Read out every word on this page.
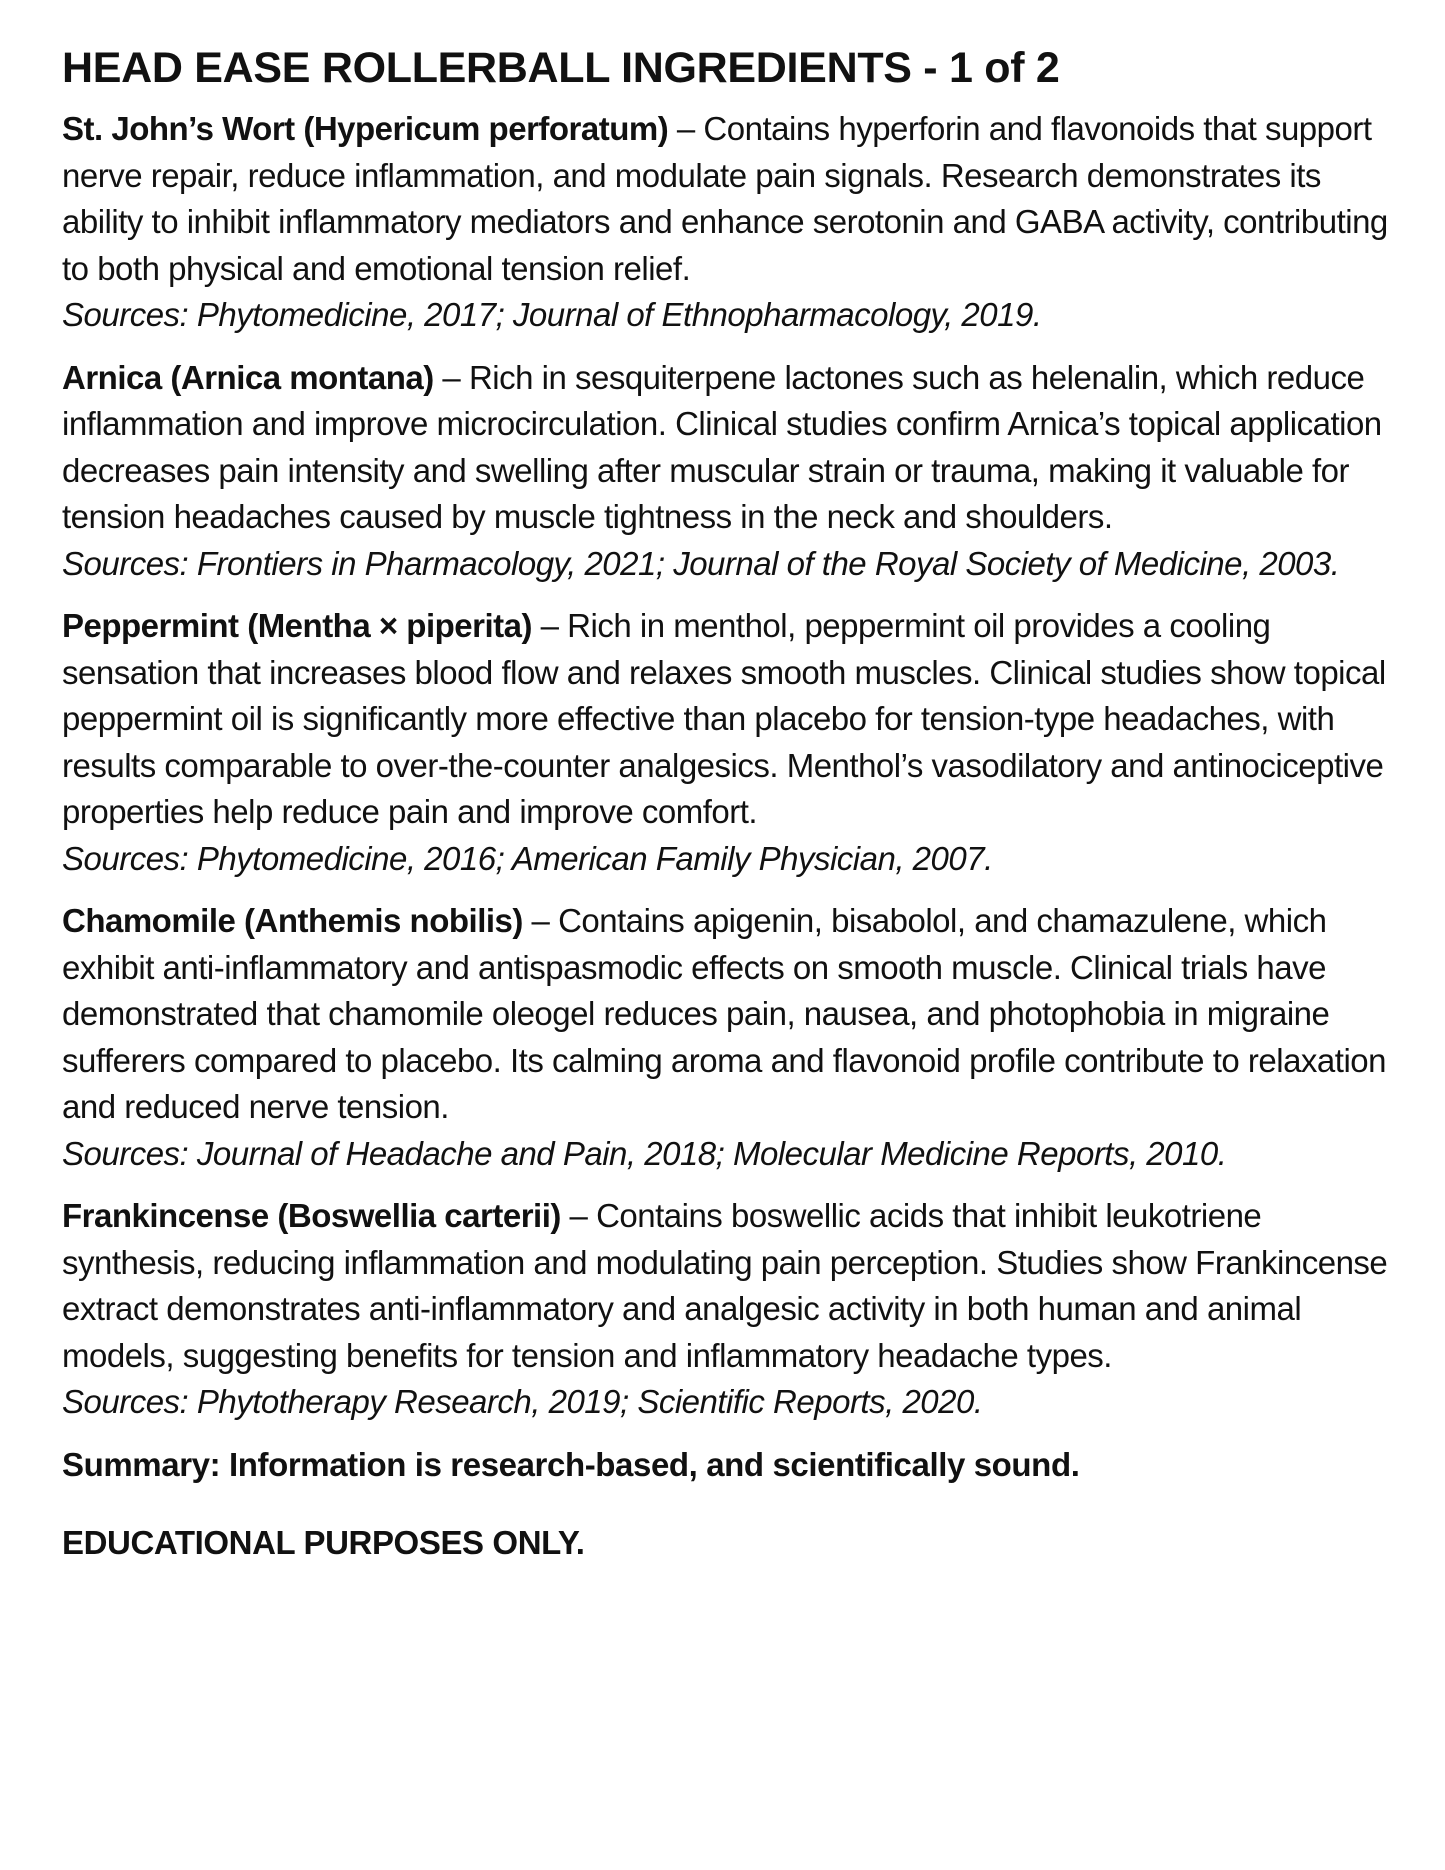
HEAD EASE ROLLERBALL INGREDIENTS - 1 of 2

St. John’s Wort (Hypericum perforatum) – Contains hyperforin and flavonoids that support nerve repair, reduce inflammation, and modulate pain signals. Research demonstrates its ability to inhibit inflammatory mediators and enhance serotonin and GABA activity, contributing to both physical and emotional tension relief.

Sources: Phytomedicine, 2017; Journal of Ethnopharmacology, 2019.

Arnica (Arnica montana) – Rich in sesquiterpene lactones such as helenalin, which reduce inflammation and improve microcirculation. Clinical studies confirm Arnica’s topical application decreases pain intensity and swelling after muscular strain or trauma, making it valuable for tension headaches caused by muscle tightness in the neck and shoulders.

Sources: Frontiers in Pharmacology, 2021; Journal of the Royal Society of Medicine, 2003.

Peppermint (Mentha × piperita) – Rich in menthol, peppermint oil provides a cooling sensation that increases blood flow and relaxes smooth muscles. Clinical studies show topical peppermint oil is significantly more effective than placebo for tension-type headaches, with results comparable to over-the-counter analgesics. Menthol’s vasodilatory and antinociceptive properties help reduce pain and improve comfort.

Sources: Phytomedicine, 2016; American Family Physician, 2007.

Chamomile (Anthemis nobilis) – Contains apigenin, bisabolol, and chamazulene, which exhibit anti-inflammatory and antispasmodic effects on smooth muscle. Clinical trials have demonstrated that chamomile oleogel reduces pain, nausea, and photophobia in migraine sufferers compared to placebo. Its calming aroma and flavonoid profile contribute to relaxation and reduced nerve tension.

Sources: Journal of Headache and Pain, 2018; Molecular Medicine Reports, 2010.

Frankincense (Boswellia carterii) – Contains boswellic acids that inhibit leukotriene synthesis, reducing inflammation and modulating pain perception. Studies show Frankincense extract demonstrates anti-inflammatory and analgesic activity in both human and animal models, suggesting benefits for tension and inflammatory headache types.

Sources: Phytotherapy Research, 2019; Scientific Reports, 2020.

Summary: Information is research-based, and scientifically sound.

EDUCATIONAL PURPOSES ONLY.
